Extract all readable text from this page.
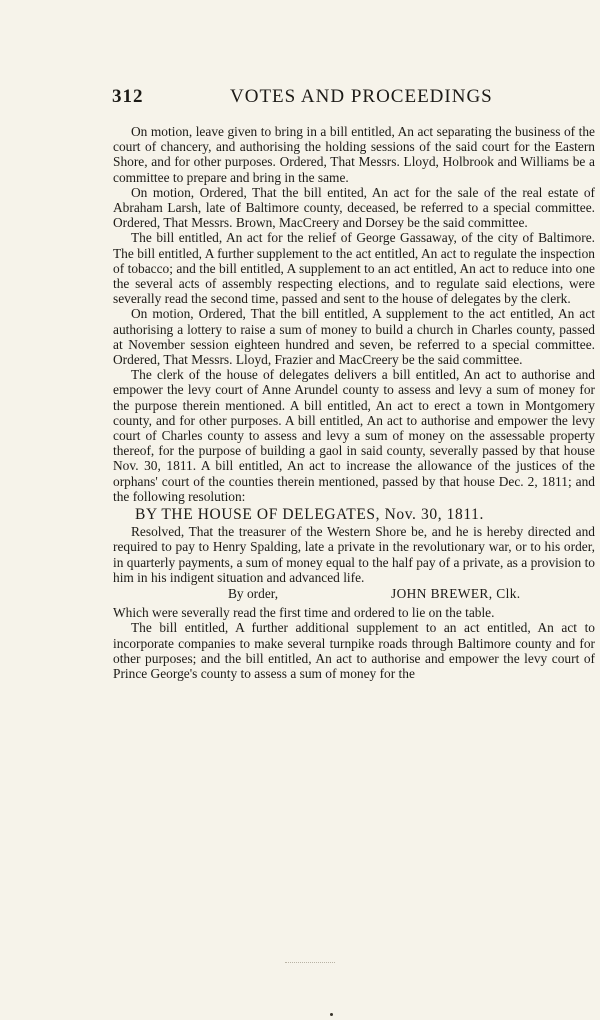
312	VOTES AND PROCEEDINGS

On motion, leave given to bring in a bill entitled, An act separating the business of the court of chancery, and authorising the holding sessions of the said court for the Eastern Shore, and for other purposes. Ordered, That Messrs. Lloyd, Holbrook and Williams be a committee to prepare and bring in the same.

On motion, Ordered, That the bill entited, An act for the sale of the real estate of Abraham Larsh, late of Baltimore county, deceased, be referred to a special committee. Ordered, That Messrs. Brown, MacCreery and Dorsey be the said committee.

The bill entitled, An act for the relief of George Gassaway, of the city of Baltimore. The bill entitled, A further supplement to the act entitled, An act to regulate the inspection of tobacco; and the bill entitled, A supplement to an act entitled, An act to reduce into one the several acts of assembly respecting elections, and to regulate said elections, were severally read the second time, passed and sent to the house of delegates by the clerk.

On motion, Ordered, That the bill entitled, A supplement to the act entitled, An act authorising a lottery to raise a sum of money to build a church in Charles county, passed at November session eighteen hundred and seven, be referred to a special committee. Ordered, That Messrs. Lloyd, Frazier and MacCreery be the said committee.

The clerk of the house of delegates delivers a bill entitled, An act to authorise and empower the levy court of Anne Arundel county to assess and levy a sum of money for the purpose therein mentioned. A bill entitled, An act to erect a town in Montgomery county, and for other purposes. A bill entitled, An act to authorise and empower the levy court of Charles county to assess and levy a sum of money on the assessable property thereof, for the purpose of building a gaol in said county, severally passed by that house Nov. 30, 1811. A bill entitled, An act to increase the allowance of the justices of the orphans' court of the counties therein mentioned, passed by that house Dec. 2, 1811; and the following resolution:

BY THE HOUSE OF DELEGATES, Nov. 30, 1811.

Resolved, That the treasurer of the Western Shore be, and he is hereby directed and required to pay to Henry Spalding, late a private in the revolutionary war, or to his order, in quarterly payments, a sum of money equal to the half pay of a private, as a provision to him in his indigent situation and advanced life.

By order,	JOHN BREWER, Clk.

Which were severally read the first time and ordered to lie on the table.

The bill entitled, A further additional supplement to an act entitled, An act to incorporate companies to make several turnpike roads through Baltimore county and for other purposes; and the bill entitled, An act to authorise and empower the levy court of Prince George's county to assess a sum of money for the
